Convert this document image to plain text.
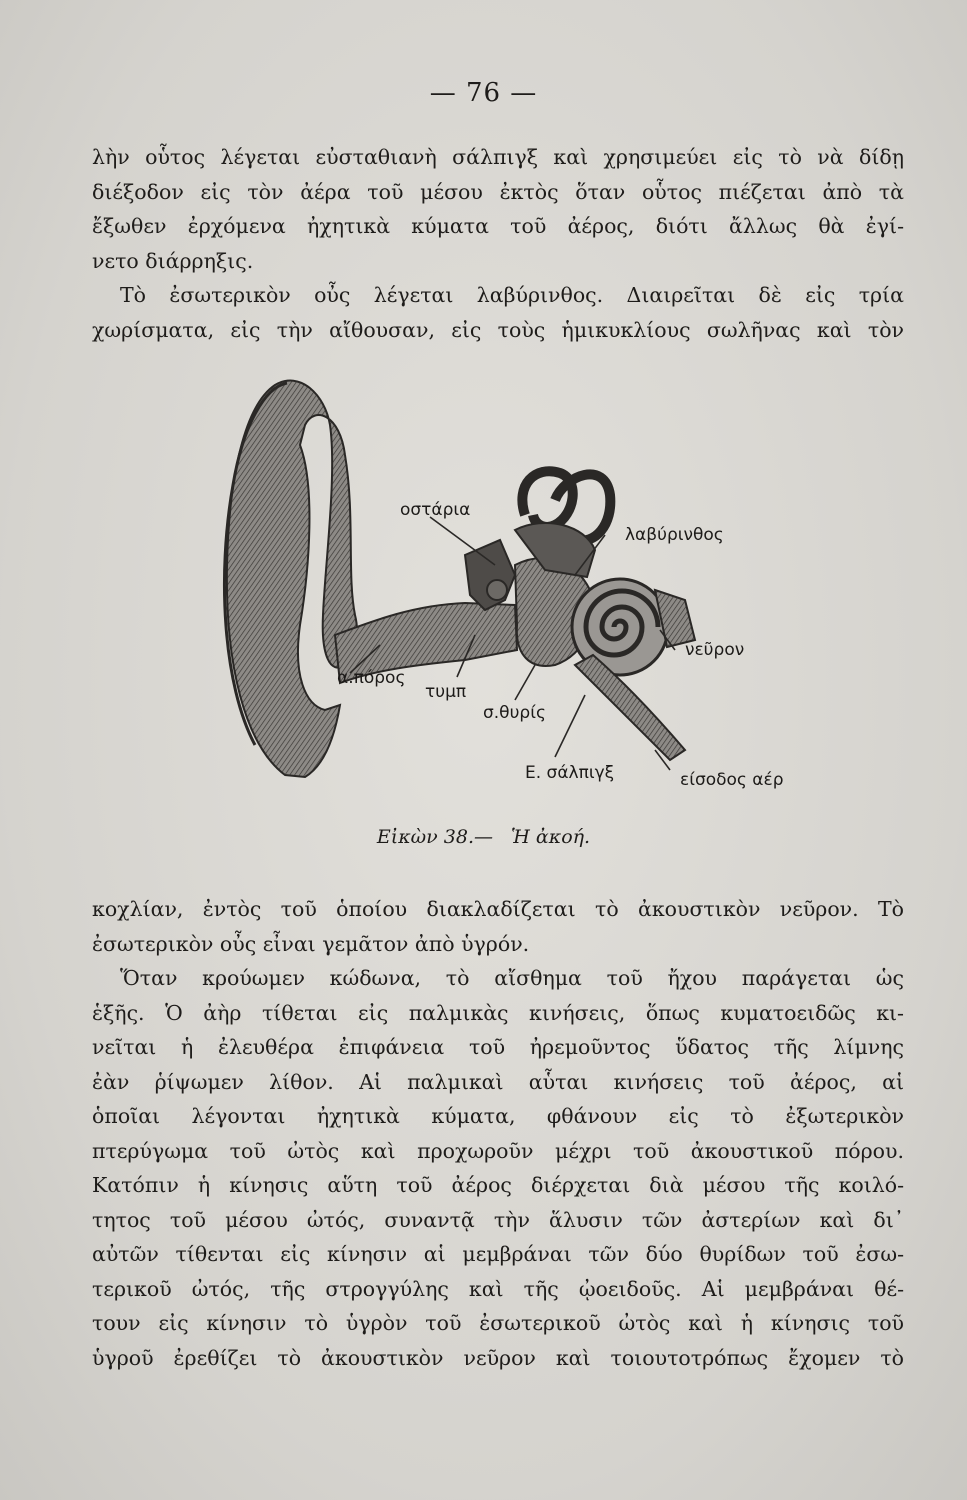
— 76 —

λὴν οὗτος λέγεται εὐσταθιανὴ σάλπιγξ καὶ χρησιμεύει εἰς τὸ νὰ δίδῃ

διέξοδον εἰς τὸν ἀέρα τοῦ μέσου ἐκτὸς ὅταν οὗτος πιέζεται ἀπὸ τὰ

ἔξωθεν ἐρχόμενα ἠχητικὰ κύματα τοῦ ἀέρος, διότι ἄλλως θὰ ἐγί-

νετο διάρρηξις.

Τὸ ἐσωτερικὸν οὖς λέγεται λαβύρινθος. Διαιρεῖται δὲ εἰς τρία

χωρίσματα, εἰς τὴν αἴθουσαν, εἰς τοὺς ἡμικυκλίους σωλῆνας καὶ τὸν

οστάρια
λαβύρινθος
νεῦρον
α.πόρος
τυμπ
σ.θυρίς
Ε. σάλπιγξ	είσοδος αέρ
Εἰκὼν 38.— Ἡ ἀκοή.

κοχλίαν, ἐντὸς τοῦ ὁποίου διακλαδίζεται τὸ ἀκουστικὸν νεῦρον. Τὸ

ἐσωτερικὸν οὖς εἶναι γεμᾶτον ἀπὸ ὑγρόν.

Ὅταν κρούωμεν κώδωνα, τὸ αἴσθημα τοῦ ἤχου παράγεται ὡς

ἑξῆς. Ὁ ἀὴρ τίθεται εἰς παλμικὰς κινήσεις, ὅπως κυματοειδῶς κι-

νεῖται ἡ ἐλευθέρα ἐπιφάνεια τοῦ ἠρεμοῦντος ὕδατος τῆς λίμνης

ἐὰν ῥίψωμεν λίθον. Αἱ παλμικαὶ αὗται κινήσεις τοῦ ἀέρος, αἱ

ὁποῖαι λέγονται ἠχητικὰ κύματα, φθάνουν εἰς τὸ ἐξωτερικὸν

πτερύγωμα τοῦ ὠτὸς καὶ προχωροῦν μέχρι τοῦ ἀκουστικοῦ πόρου.

Κατόπιν ἡ κίνησις αὕτη τοῦ ἀέρος διέρχεται διὰ μέσου τῆς κοιλό-

τητος τοῦ μέσου ὠτός, συναντᾷ τὴν ἅλυσιν τῶν ἀστερίων καὶ δι᾽

αὐτῶν τίθενται εἰς κίνησιν αἱ μεμβράναι τῶν δύο θυρίδων τοῦ ἐσω-

τερικοῦ ὠτός, τῆς στρογγύλης καὶ τῆς ᾠοειδοῦς. Αἱ μεμβράναι θέ-

τουν εἰς κίνησιν τὸ ὑγρὸν τοῦ ἐσωτερικοῦ ὠτὸς καὶ ἡ κίνησις τοῦ

ὑγροῦ ἐρεθίζει τὸ ἀκουστικὸν νεῦρον καὶ τοιουτοτρόπως ἔχομεν τὸ
